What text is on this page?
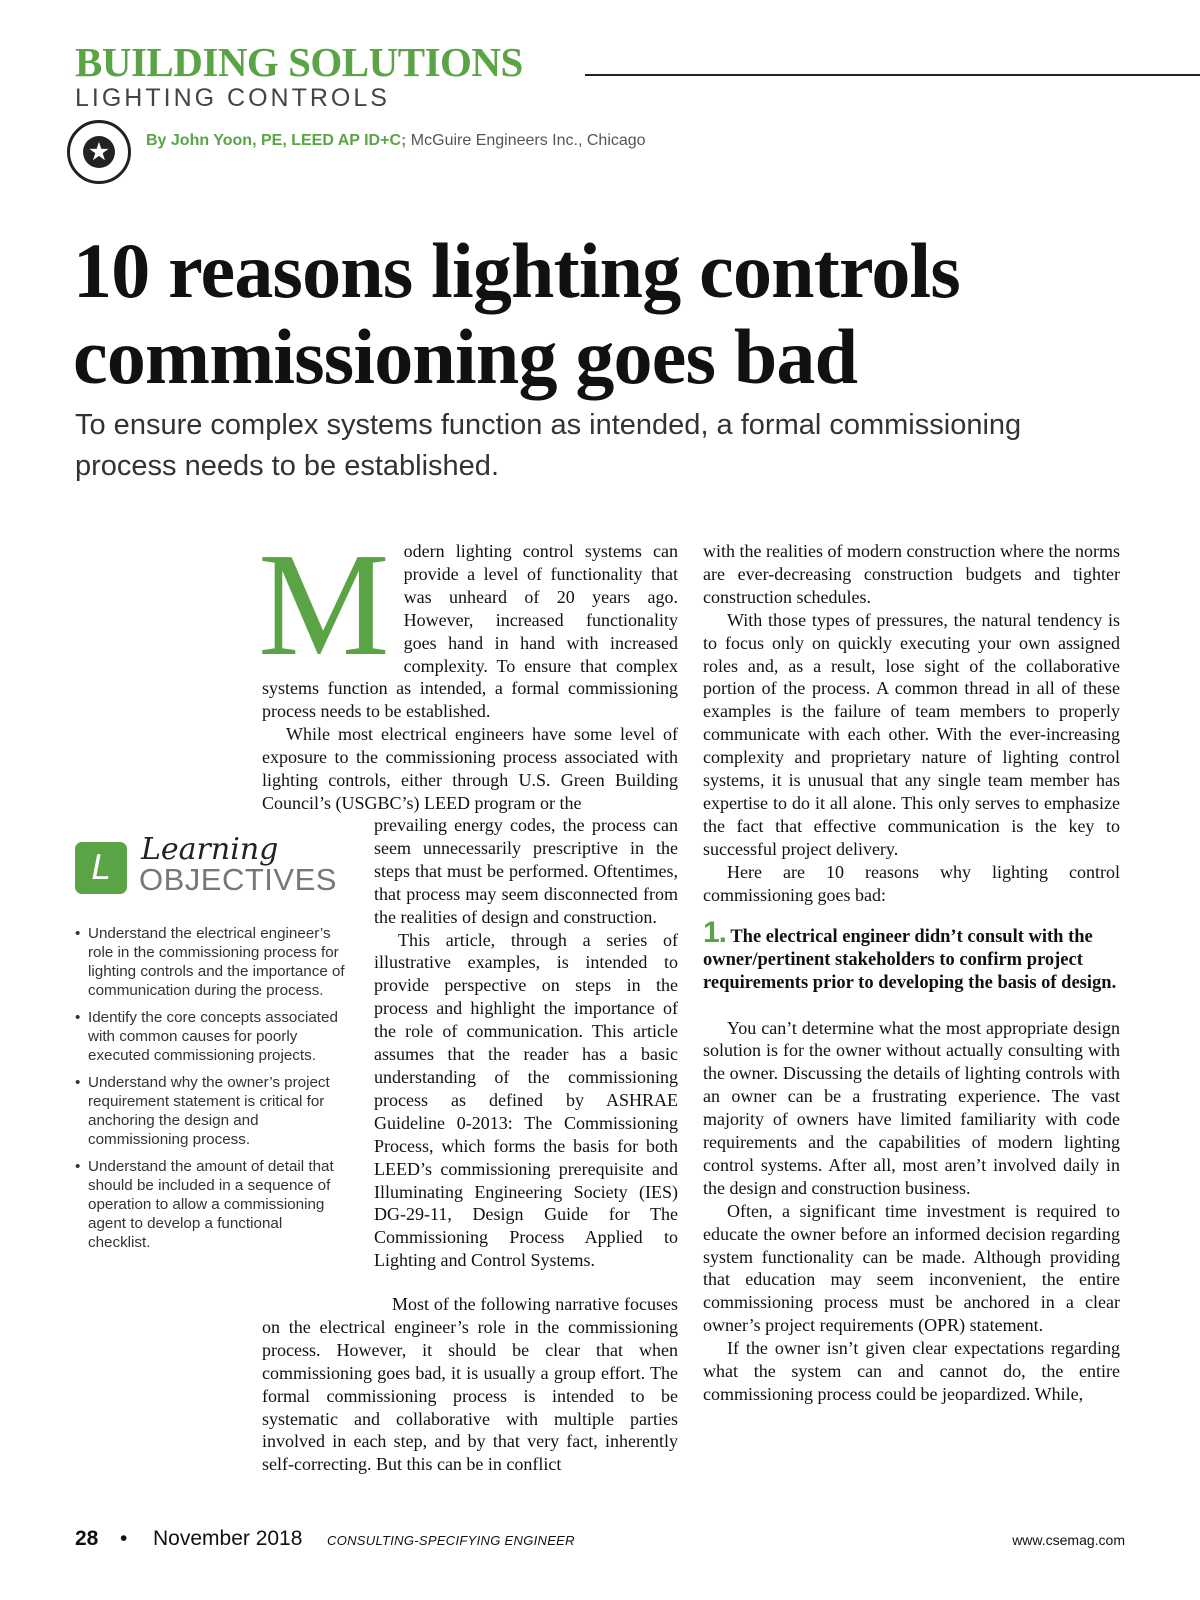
BUILDING SOLUTIONS
LIGHTING CONTROLS
★ By John Yoon, PE, LEED AP ID+C; McGuire Engineers Inc., Chicago
10 reasons lighting controls commissioning goes bad
To ensure complex systems function as intended, a formal commissioning process needs to be established.
M odern lighting control systems can provide a level of functionality that was unheard of 20 years ago. However, increased functionality goes hand in hand with increased complexity. To ensure that complex systems function as intended, a formal commissioning process needs to be established.

While most electrical engineers have some level of exposure to the commissioning process associated with lighting controls, either through U.S. Green Building Council’s (USGBC’s) LEED program or the

prevailing energy codes, the process can seem unnecessarily prescriptive in the steps that must be performed. Oftentimes, that process may seem disconnected from the realities of design and construction.

This article, through a series of illustrative examples, is intended to provide perspective on steps in the process and highlight the importance of the role of communication. This article assumes that the reader has a basic understanding of the commissioning process as defined by ASHRAE Guideline 0-2013: The Commissioning Process, which forms the basis for both LEED’s commissioning prerequisite and Illuminating Engineering Society (IES) DG-29-11, Design Guide for The Commissioning Process Applied to Lighting and Control Systems.

Most of the following narrative focuses on the electrical engineer’s role in the commissioning process. However, it should be clear that when commissioning goes bad, it is usually a group effort. The formal commissioning process is intended to be systematic and collaborative with multiple parties involved in each step, and by that very fact, inherently self-correcting. But this can be in conflict

with the realities of modern construction where the norms are ever-decreasing construction budgets and tighter construction schedules.

With those types of pressures, the natural tendency is to focus only on quickly executing your own assigned roles and, as a result, lose sight of the collaborative portion of the process. A common thread in all of these examples is the failure of team members to properly communicate with each other. With the ever-increasing complexity and proprietary nature of lighting control systems, it is unusual that any single team member has expertise to do it all alone. This only serves to emphasize the fact that effective communication is the key to successful project delivery.

Here are 10 reasons why lighting control commissioning goes bad:

1. The electrical engineer didn’t consult with the owner/pertinent stakeholders to confirm project requirements prior to developing the basis of design.

You can’t determine what the most appropriate design solution is for the owner without actually consulting with the owner. Discussing the details of lighting controls with an owner can be a frustrating experience. The vast majority of owners have limited familiarity with code requirements and the capabilities of modern lighting control systems. After all, most aren’t involved daily in the design and construction business.

Often, a significant time investment is required to educate the owner before an informed decision regarding system functionality can be made. Although providing that education may seem inconvenient, the entire commissioning process must be anchored in a clear owner’s project requirements (OPR) statement.

If the owner isn’t given clear expectations regarding what the system can and cannot do, the entire commissioning process could be jeopardized. While,

L	Learning
OBJECTIVES
• Understand the electrical engineer’s role in the commissioning process for lighting controls and the importance of communication during the process.
• Identify the core concepts associated with common causes for poorly executed commissioning projects.
• Understand why the owner’s project requirement statement is critical for anchoring the design and commissioning process.
• Understand the amount of detail that should be included in a sequence of operation to allow a commissioning agent to develop a functional checklist.
28 • November 2018 CONSULTING-SPECIFYING ENGINEER	www.csemag.com
